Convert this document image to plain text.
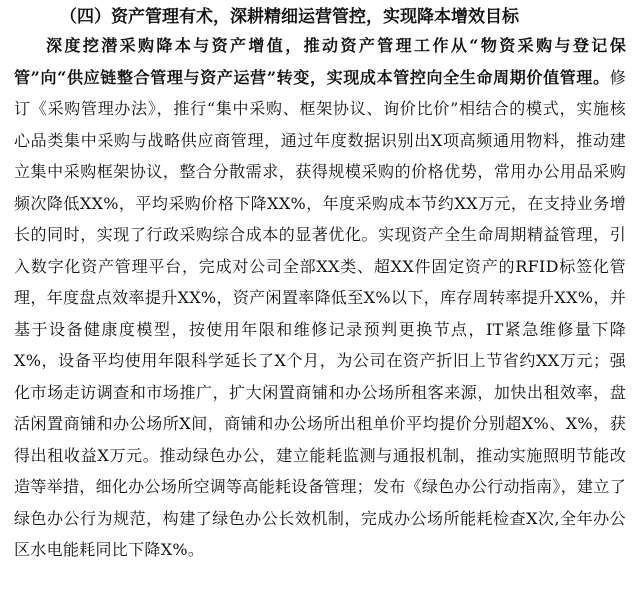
（四）资产管理有术，深耕精细运营管控，实现降本增效目标

深度挖潜采购降本与资产增值，推动资产管理工作从“物资采购与登记保管”向“供应链整合管理与资产运营”转变，实现成本管控向全生命周期价值管理。修订《采购管理办法》，推行“集中采购、框架协议、询价比价”相结合的模式，实施核心品类集中采购与战略供应商管理，通过年度数据识别出X项高频通用物料，推动建立集中采购框架协议，整合分散需求，获得规模采购的价格优势，常用办公用品采购频次降低XX%，平均采购价格下降XX%，年度采购成本节约XX万元，在支持业务增长的同时，实现了行政采购综合成本的显著优化。实现资产全生命周期精益管理，引入数字化资产管理平台，完成对公司全部XX类、超XX件固定资产的RFID标签化管理，年度盘点效率提升XX%，资产闲置率降低至X%以下，库存周转率提升XX%，并基于设备健康度模型，按使用年限和维修记录预判更换节点，IT紧急维修量下降X%，设备平均使用年限科学延长了X个月，为公司在资产折旧上节省约XX万元；强化市场走访调查和市场推广，扩大闲置商铺和办公场所租客来源，加快出租效率，盘活闲置商铺和办公场所X间，商铺和办公场所出租单价平均提价分别超X%、X%，获得出租收益X万元。推动绿色办公，建立能耗监测与通报机制，推动实施照明节能改造等举措，细化办公场所空调等高能耗设备管理；发布《绿色办公行动指南》，建立了绿色办公行为规范，构建了绿色办公长效机制，完成办公场所能耗检查X次,全年办公区水电能耗同比下降X%。
